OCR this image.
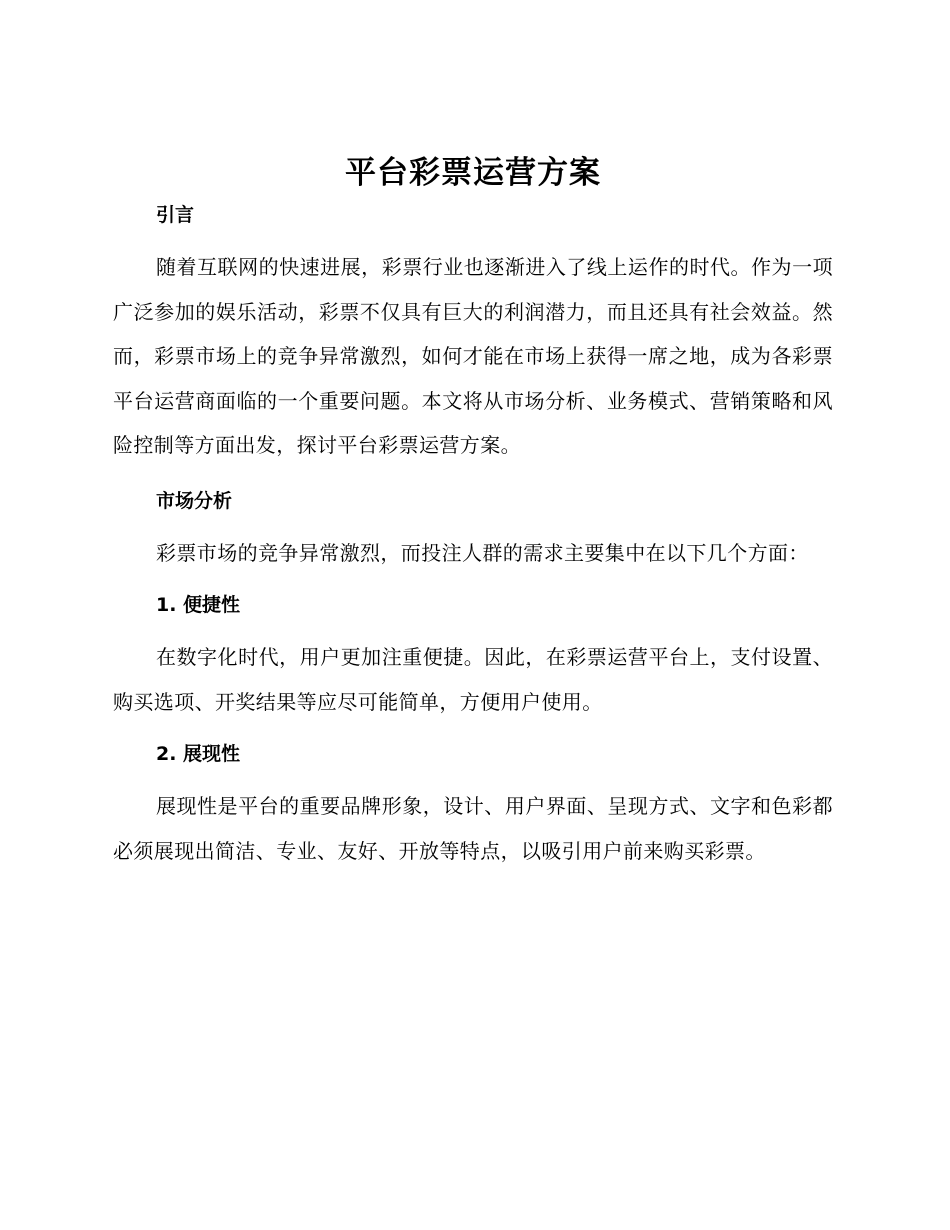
平台彩票运营方案
引言

随着互联网的快速进展，彩票行业也逐渐进入了线上运作的时代。作为一项广泛参加的娱乐活动，彩票不仅具有巨大的利润潜力，而且还具有社会效益。然而，彩票市场上的竞争异常激烈，如何才能在市场上获得一席之地，成为各彩票平台运营商面临的一个重要问题。本文将从市场分析、业务模式、营销策略和风险控制等方面出发，探讨平台彩票运营方案。

市场分析

彩票市场的竞争异常激烈，而投注人群的需求主要集中在以下几个方面：

1. 便捷性

在数字化时代，用户更加注重便捷。因此，在彩票运营平台上，支付设置、购买选项、开奖结果等应尽可能简单，方便用户使用。

2. 展现性

展现性是平台的重要品牌形象，设计、用户界面、呈现方式、文字和色彩都必须展现出简洁、专业、友好、开放等特点，以吸引用户前来购买彩票。
